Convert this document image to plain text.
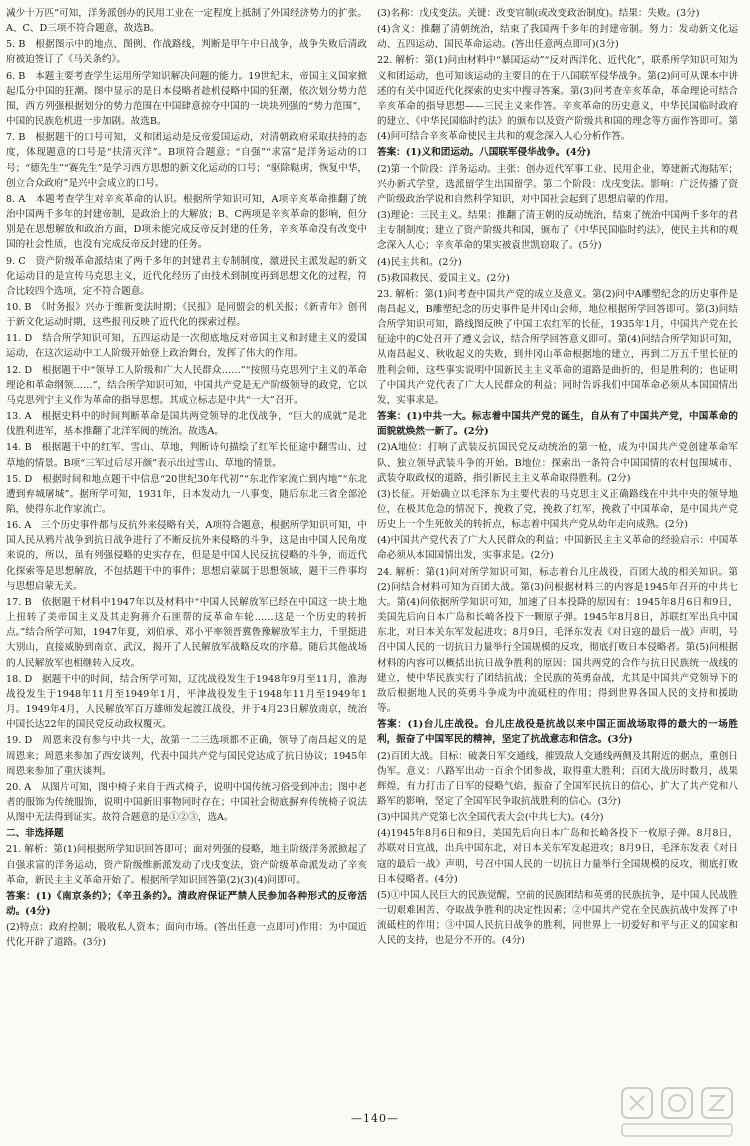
减少十万匹”可知，洋务派创办的民用工业在一定程度上抵制了外国经济势力的扩张。A、C、D三项不符合题意，故选B。

5. B　根据图示中的地点、图例、作战路线，判断是甲午中日战争，战争失败后清政府被迫签订了《马关条约》。

6. B　本题主要考查学生运用所学知识解决问题的能力。19世纪末，帝国主义国家掀起瓜分中国的狂潮。图中显示的是日本侵略者趁机侵略中国的狂潮，依次划分势力范围，西方列强根据划分的势力范围在中国肆意掠夺中国的一块块列强的“势力范围”，中国的民族危机进一步加剧。故选B。

7. B　根据题干的口号可知，义和团运动是反帝爱国运动，对清朝政府采取扶持的态度，体现题意的口号是“扶清灭洋”。B项符合题意；“自强”“求富”是洋务运动的口号；“德先生”“赛先生”是学习西方思想的新文化运动的口号；“驱除鞑虏，恢复中华，创立合众政府”是兴中会成立的口号。

8. A　本题考查学生对辛亥革命的认识。根据所学知识可知，A项辛亥革命推翻了统治中国两千多年的封建帝制，是政治上的大解放；B、C两项是辛亥革命的影响，但分别是在思想解放和政治方面，D项未能完成反帝反封建的任务，辛亥革命没有改变中国的社会性质，也没有完成反帝反封建的任务。

9. C　资产阶级革命派结束了两千多年的封建君主专制制度，激进民主派发起的新文化运动目的是宣传马克思主义，近代化经历了由技术到制度再到思想文化的过程，符合比较四个选项，定不符合题意。

10. B　《时务报》兴办于维新变法时期；《民报》是同盟会的机关报；《新青年》创刊于新文化运动时期，这些报刊反映了近代化的探索过程。

11. D　结合所学知识可知，五四运动是一次彻底地反对帝国主义和封建主义的爱国运动，在这次运动中工人阶级开始登上政治舞台，发挥了伟大的作用。

12. D　根据题干中“领导工人阶级和广大人民群众……”“按照马克思列宁主义的革命理论和革命纲领……”，结合所学知识可知，中国共产党是无产阶级领导的政党，它以马克思列宁主义作为革命的指导思想。其成立标志是中共“一大”召开。

13. A　根据史料中的时间判断革命是国共两党领导的北伐战争，“巨大的成就”是北伐胜利进军，基本推翻了北洋军阀的统治。故选A。

14. B　根据题干中的红军、雪山、草地，判断诗句描绘了红军长征途中翻雪山、过草地的情景。B项“三军过后尽开颜”表示出过雪山、草地的情景。

15. D　根据时间和地点题干中信息“20世纪30年代初”“东北作家流亡到内地”“东北遭到弃城屠城”。据所学可知，1931年，日本发动九一八事变，随后东北三省全部沦陷，使得东北作家流亡。

16. A　三个历史事件都与反抗外来侵略有关，A项符合题意，根据所学知识可知，中国人民从鸦片战争到抗日战争进行了不断反抗外来侵略的斗争，这是由中国人民角度来说的，所以，虽有列强侵略的史实存在，但是是中国人民反抗侵略的斗争，而近代化探索等是思想解放，不包括题干中的事件；思想启蒙属于思想领域，题干三件事均与思想启蒙无关。

17. B　依据题干材料中1947年以及材料中“中国人民解放军已经在中国这一块土地上扭转了美帝国主义及其走狗蒋介石匪帮的反革命车轮……这是一个历史的转折点。”结合所学可知，1947年夏，刘伯承、邓小平率领晋冀鲁豫解放军主力，千里挺进大别山，直接威胁到南京、武汉，揭开了人民解放军战略反攻的序幕。随后其他战场的人民解放军也相继转入反攻。

18. D　据题干中的时间，结合所学可知，辽沈战役发生于1948年9月至11月，淮海战役发生于1948年11月至1949年1月，平津战役发生于1948年11月至1949年1月。1949年4月，人民解放军百万雄师发起渡江战役，并于4月23日解放南京，统治中国长达22年的国民党反动政权覆灭。

19. D　周恩来没有参与中共一大，故第一二三选项都不正确，领导了南昌起义的是周恩来；周恩来参加了西安谈判，代表中国共产党与国民党达成了抗日协议；1945年周恩来参加了重庆谈判。

20. A　从图片可知，图中椅子来自于西式椅子，说明中国传统习俗受到冲击；图中老者的服饰为传统服饰，说明中国新旧事物同时存在；中国社会彻底摒弃传统椅子说法从图中无法得到证实。故符合题意的是①②③，选A。

二、非选择题

21. 解析：第(1)问根据所学知识回答即可；面对列强的侵略，地主阶级洋务派掀起了自强求富的洋务运动，资产阶级维新派发动了戊戌变法，资产阶级革命派发动了辛亥革命，新民主主义革命开始了。根据所学知识回答第(2)(3)(4)问即可。

答案：(1)《南京条约》；《辛丑条约》。清政府保证严禁人民参加各种形式的反帝活动。(4分)

(2)特点：政府控制；吸收私人资本；面向市场。(答出任意一点即可)作用：为中国近代化开辟了道路。(3分)

(3)名称：戊戌变法。关键：改变官制(或改变政治制度)。结果：失败。(3分)

(4)含义：推翻了清朝统治，结束了我国两千多年的封建帝制。努力：发动新文化运动、五四运动、国民革命运动。(答出任意两点即可)(3分)

22. 解析：第(1)问由材料中“暴国运动”“反对西洋化、近代化”，联系所学知识可知为义和团运动，也可知该运动的主要目的在于八国联军侵华战争。第(2)问可从课本中讲述的有关中国近代化探索的史实中搜寻答案。第(3)问考查辛亥革命，革命理论可结合辛亥革命的指导思想——三民主义来作答。辛亥革命的历史意义，中华民国临时政府的建立、《中华民国临时约法》的颁布以及资产阶级共和国的理念等方面作答即可。第(4)问可结合辛亥革命使民主共和的观念深入人心分析作答。

答案：(1)义和团运动。八国联军侵华战争。(4分)

(2)第一个阶段：洋务运动。主张：创办近代军事工业、民用企业，筹建新式海陆军；兴办新式学堂，选派留学生出国留学。第二个阶段：戊戌变法。影响：广泛传播了资产阶级政治学说和自然科学知识，对中国社会起到了思想启蒙的作用。

(3)理论：三民主义。结果：推翻了清王朝的反动统治，结束了统治中国两千多年的君主专制制度；建立了资产阶级共和国，颁布了《中华民国临时约法》，使民主共和的观念深入人心；辛亥革命的果实被袁世凯窃取了。(5分)

(4)民主共和。(2分)

(5)救国救民、爱国主义。(2分)

23. 解析：第(1)问考查中国共产党的成立及意义。第(2)问中A雕塑纪念的历史事件是南昌起义，B雕塑纪念的历史事件是井冈山会师，地位根据所学回答即可。第(3)问结合所学知识可知，路线图反映了中国工农红军的长征，1935年1月，中国共产党在长征途中的C处召开了遵义会议，结合所学回答意义即可。第(4)问结合所学知识可知，从南昌起义、秋收起义的失败，到井冈山革命根据地的建立，再到二万五千里长征的胜利会师，这些事实说明中国新民主主义革命的道路是曲折的，但是胜利的；也证明了中国共产党代表了广大人民群众的利益；同时告诉我们中国革命必须从本国国情出发，实事求是。

答案：(1)中共一大。标志着中国共产党的诞生，自从有了中国共产党，中国革命的面貌就焕然一新了。(2分)

(2)A地位：打响了武装反抗国民党反动统治的第一枪，成为中国共产党创建革命军队、独立领导武装斗争的开始。B地位：探索出一条符合中国国情的农村包围城市、武装夺取政权的道路，指引新民主主义革命取得胜利。(2分)

(3)长征。开始确立以毛泽东为主要代表的马克思主义正确路线在中共中央的领导地位，在极其危急的情况下，挽救了党，挽救了红军，挽救了中国革命，是中国共产党历史上一个生死攸关的转折点，标志着中国共产党从幼年走向成熟。(2分)

(4)中国共产党代表了广大人民群众的利益；中国新民主主义革命的经验启示：中国革命必须从本国国情出发，实事求是。(2分)

24. 解析：第(1)问对所学知识可知，标志着台儿庄战役，百团大战的相关知识。第(2)问结合材料可知为百团大战。第(3)问根据材料三的内容是1945年召开的中共七大。第(4)问依据所学知识可知，加速了日本投降的原因有：1945年8月6日和9日，美国先后向日本广岛和长崎各投下一颗原子弹。1945年8月8日，苏联红军出兵中国东北，对日本关东军发起进攻；8月9日，毛泽东发表《对日寇的最后一战》声明，号召中国人民的一切抗日力量举行全国规模的反攻，彻底打败日本侵略者。第(5)问根据材料的内容可以概括出抗日战争胜利的原因：国共两党的合作与抗日民族统一战线的建立，使中华民族实行了团结抗战；全民族的英勇奋战，尤其是中国共产党领导下的敌后根据地人民的英勇斗争成为中流砥柱的作用；得到世界各国人民的支持和援助等。

答案：(1)台儿庄战役。台儿庄战役是抗战以来中国正面战场取得的最大的一场胜利，振奋了中国军民的精神，坚定了抗战意志和信念。(3分)

(2)百团大战。目标：破袭日军交通线，摧毁敌人交通线两侧及其附近的据点，重创日伪军。意义：八路军出动一百余个团参战，取得重大胜利；百团大战历时数月，战果辉煌，有力打击了日军的侵略气焰，振奋了全国军民抗日的信心，扩大了共产党和八路军的影响，坚定了全国军民争取抗战胜利的信心。(3分)

(3)中国共产党第七次全国代表大会(中共七大)。(4分)

(4)1945年8月6日和9日，美国先后向日本广岛和长崎各投下一枚原子弹。8月8日，苏联对日宣战，出兵中国东北，对日本关东军发起进攻；8月9日，毛泽东发表《对日寇的最后一战》声明，号召中国人民的一切抗日力量举行全国规模的反攻，彻底打败日本侵略者。(4分)

(5)①中国人民巨大的民族觉醒，空前的民族团结和英勇的民族抗争，是中国人民战胜一切艰难困苦、夺取战争胜利的决定性因素；②中国共产党在全民族抗战中发挥了中流砥柱的作用；③中国人民抗日战争的胜利，同世界上一切爱好和平与正义的国家和人民的支持，也是分不开的。(4分)

—140—
